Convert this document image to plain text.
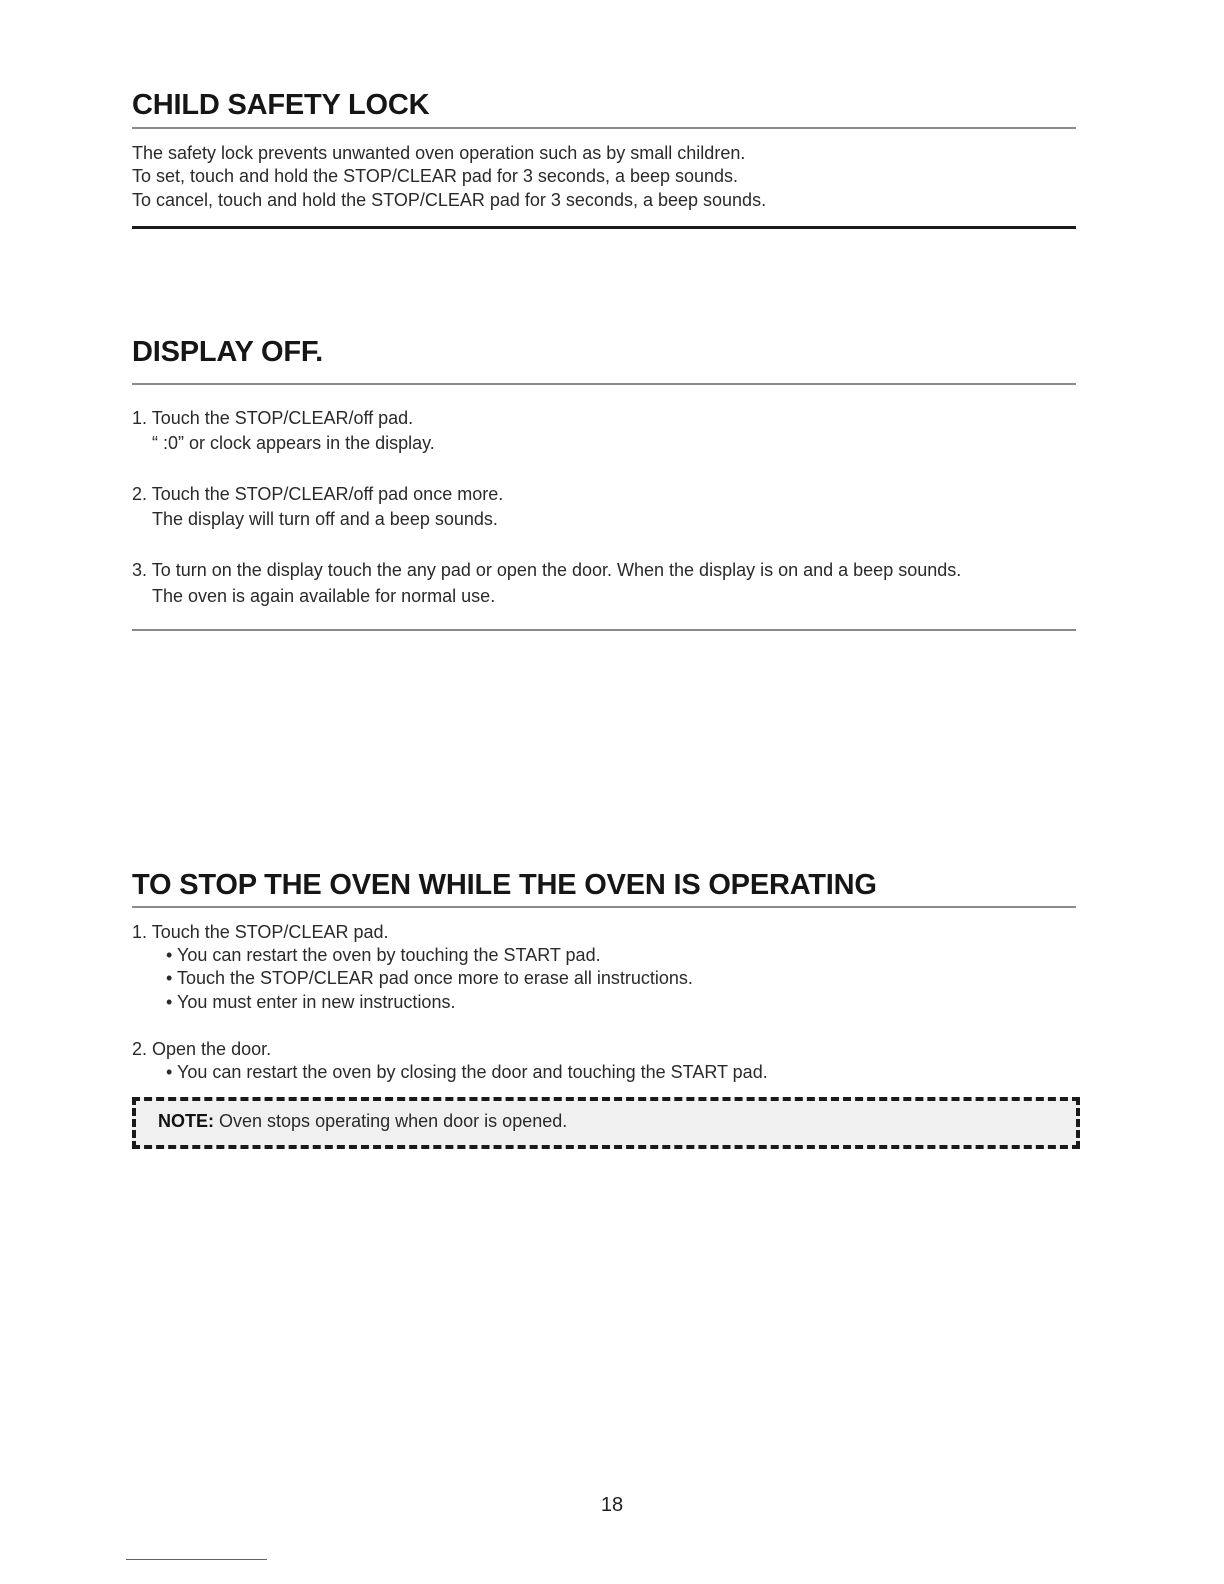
CHILD SAFETY LOCK
The safety lock prevents unwanted oven operation such as by small children.
To set, touch and hold the STOP/CLEAR pad for 3 seconds, a beep sounds.
To cancel, touch and hold the STOP/CLEAR pad for 3 seconds, a beep sounds.
DISPLAY OFF.
1. Touch the STOP/CLEAR/off pad.
“ :0” or clock appears in the display.
2. Touch the STOP/CLEAR/off pad once more.
The display will turn off and a beep sounds.
3. To turn on the display touch the any pad or open the door. When the display is on and a beep sounds.
The oven is again available for normal use.
TO STOP THE OVEN WHILE THE OVEN IS OPERATING
1. Touch the STOP/CLEAR pad.
• You can restart the oven by touching the START pad.
• Touch the STOP/CLEAR pad once more to erase all instructions.
• You must enter in new instructions.
2. Open the door.
• You can restart the oven by closing the door and touching the START pad.
NOTE: Oven stops operating when door is opened.
18
